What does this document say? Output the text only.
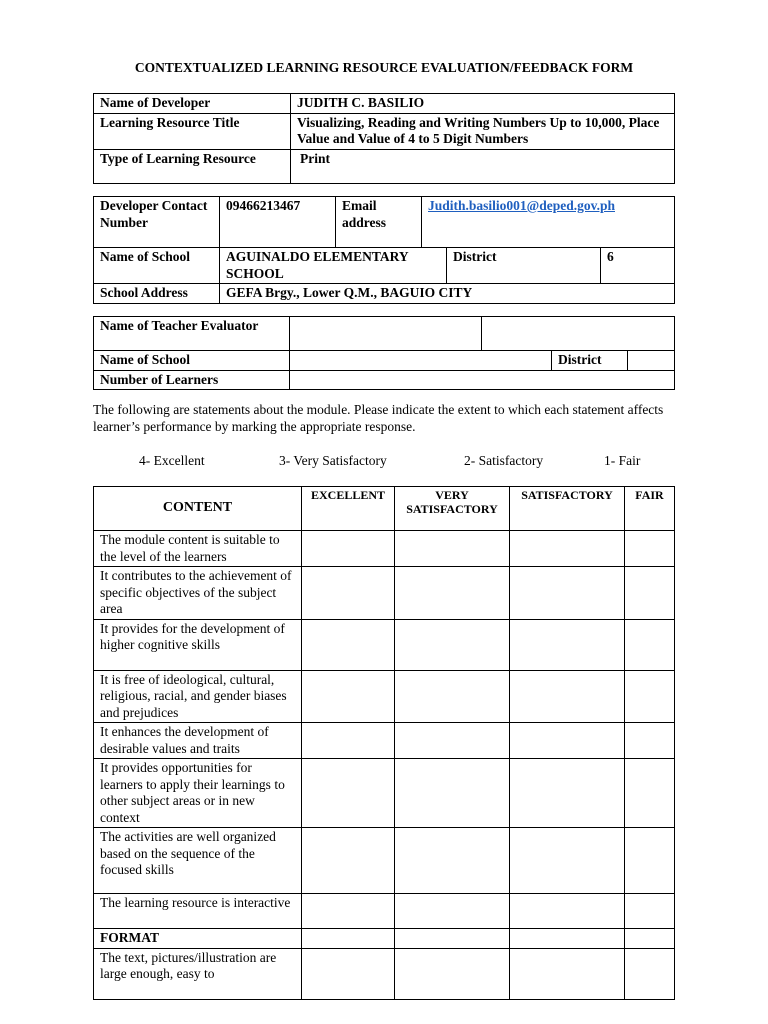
CONTEXTUALIZED LEARNING RESOURCE EVALUATION/FEEDBACK FORM
Name of Developer	JUDITH C. BASILIO
Learning Resource Title	Visualizing, Reading and Writing Numbers Up to 10,000, Place Value and Value of 4 to 5 Digit Numbers
Type of Learning Resource	Print
Developer Contact Number	09466213467	Email address	Judith.basilio001@deped.gov.ph		
Name of School	AGUINALDO ELEMENTARY SCHOOL			District	6
School Address	GEFA Brgy., Lower Q.M., BAGUIO CITY				
Name of Teacher Evaluator				
Name of School			District	
Number of Learners				
The following are statements about the module. Please indicate the extent to which each statement affects learner’s performance by marking the appropriate response.
4- Excellent	3- Very Satisfactory	2- Satisfactory	1- Fair
CONTENT	EXCELLENT	VERY SATISFACTORY	SATISFACTORY	FAIR
The module content is suitable to the level of the learners				
It contributes to the achievement of specific objectives of the subject area				
It provides for the development of higher cognitive skills				
It is free of ideological, cultural, religious, racial, and gender biases and prejudices				
It enhances the development of desirable values and traits				
It provides opportunities for learners to apply their learnings to other subject areas or in new context				
The activities are well organized based on the sequence of the focused skills				
The learning resource is interactive				
FORMAT				
The text, pictures/illustration are large enough, easy to				
